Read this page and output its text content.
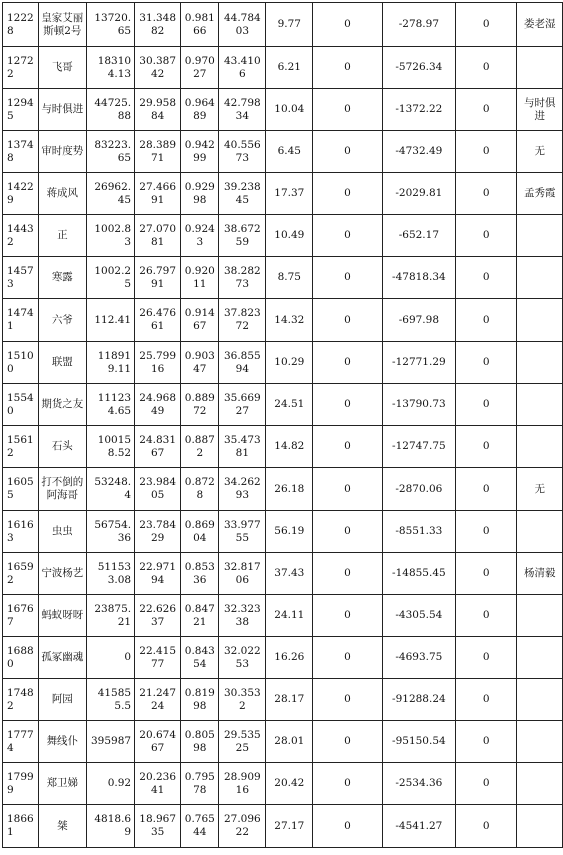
12228	皇家艾丽斯顿2号	13720.65	31.34882	0.98166	44.78403	9.77	0	-278.97	0	娄老湿
12722	飞哥	183104.13	30.38742	0.97027	43.4106	6.21	0	-5726.34	0	
12945	与时俱进	44725.88	29.95884	0.96489	42.79834	10.04	0	-1372.22	0	与时俱进
13748	审时度势	83223.65	28.38971	0.94299	40.55673	6.45	0	-4732.49	0	无
14229	蒋成风	26962.45	27.46691	0.92998	39.23845	17.37	0	-2029.81	0	孟秀霞
14432	正	1002.83	27.07081	0.9243	38.67259	10.49	0	-652.17	0	
14573	寒露	1002.25	26.79791	0.92011	38.28273	8.75	0	-47818.34	0	
14741	六爷	112.41	26.47661	0.91467	37.82372	14.32	0	-697.98	0	
15100	联盟	118919.11	25.79916	0.90347	36.85594	10.29	0	-12771.29	0	
15540	期货之友	111234.65	24.96849	0.88972	35.66927	24.51	0	-13790.73	0	
15612	石头	100158.52	24.83167	0.8872	35.47381	14.82	0	-12747.75	0	
16055	打不倒的阿海哥	53248.4	23.98405	0.8728	34.26293	26.18	0	-2870.06	0	无
16163	虫虫	56754.36	23.78429	0.86904	33.97755	56.19	0	-8551.33	0	
16592	宁波杨艺	511533.08	22.97194	0.85336	32.81706	37.43	0	-14855.45	0	杨清毅
16767	蚂蚁呀呀	23875.21	22.62637	0.84721	32.32338	24.11	0	-4305.54	0	
16880	孤冢幽魂	0	22.41577	0.84354	32.02253	16.26	0	-4693.75	0	
17482	阿园	415855.5	21.24724	0.81998	30.3532	28.17	0	-91288.24	0	
17774	舞线仆	395987	20.67467	0.80598	29.53525	28.01	0	-95150.54	0	
17999	郑卫娣	0.92	20.23641	0.79578	28.90916	20.42	0	-2534.36	0	
18661	桀	4818.69	18.96735	0.76544	27.09622	27.17	0	-4541.27	0	
